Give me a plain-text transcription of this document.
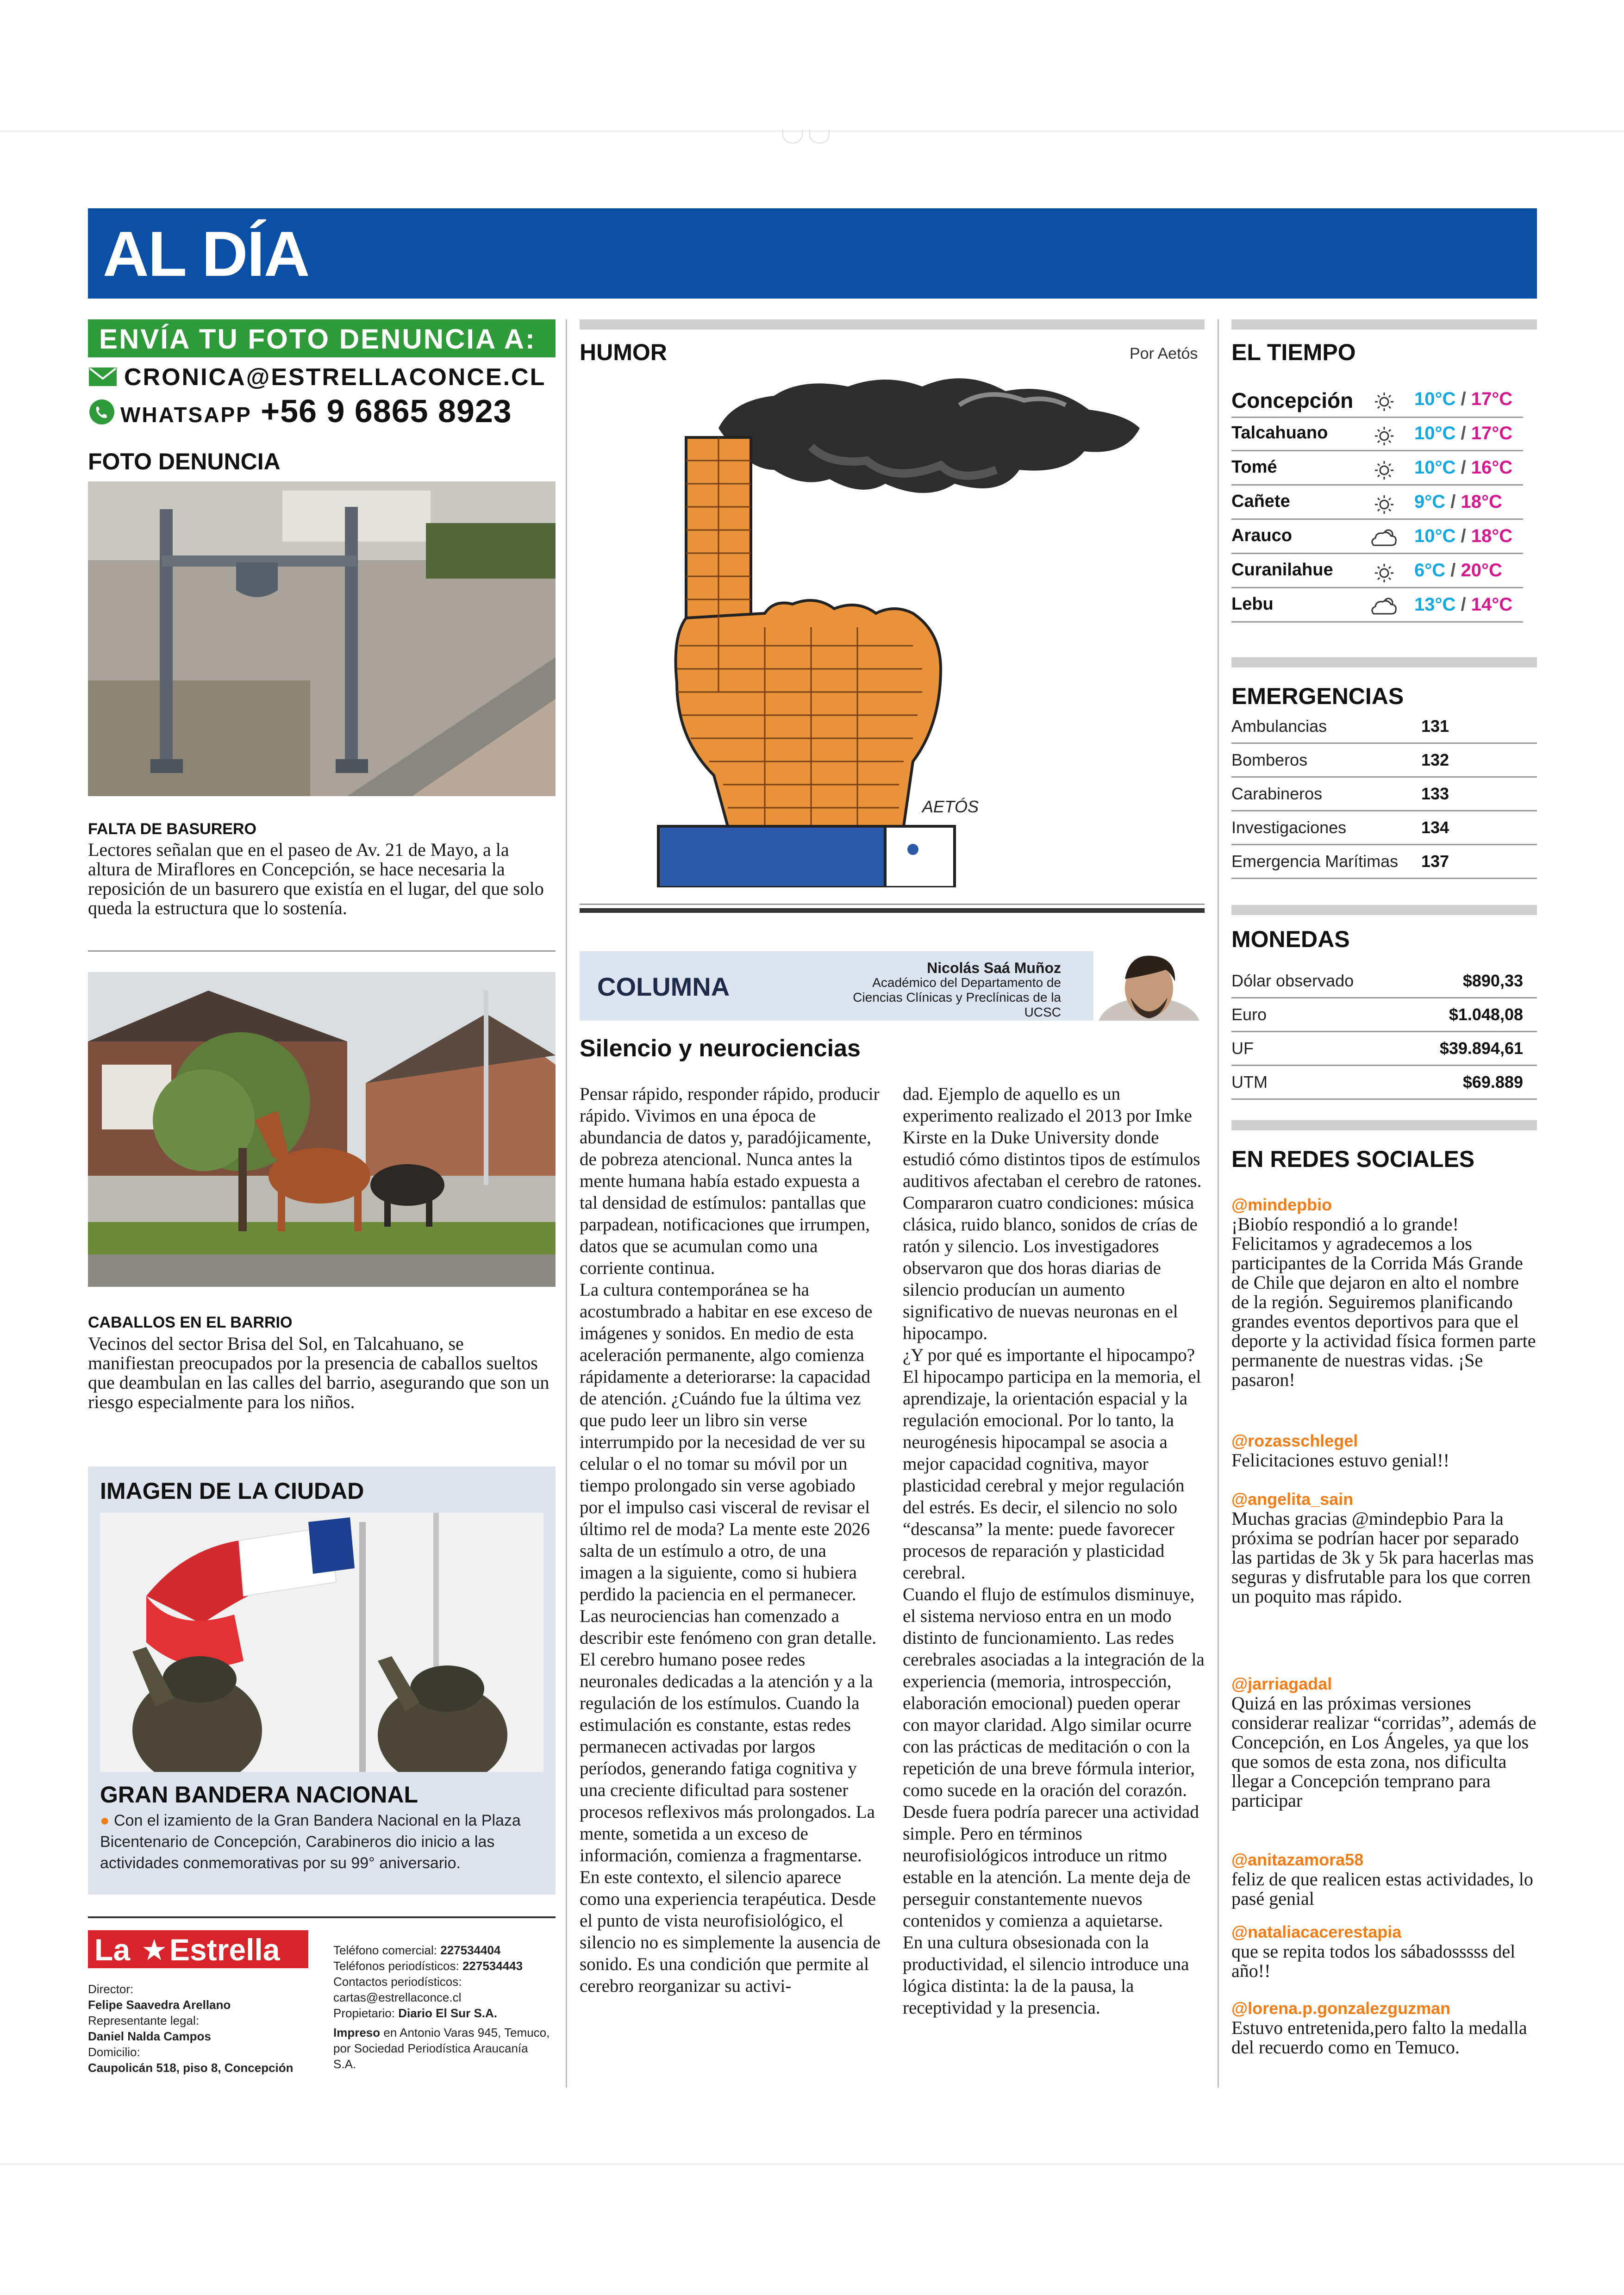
AL DÍA
ENVÍA TU FOTO DENUNCIA A:
CRONICA@ESTRELLACONCE.CL
WHATSAPP +56 9 6865 8923
FOTO DENUNCIA
FALTA DE BASURERO
Lectores señalan que en el paseo de Av. 21 de Mayo, a la altura de Miraflores en Concepción, se hace necesaria la reposición de un basurero que existía en el lugar, del que solo queda la estructura que lo sostenía.
CABALLOS EN EL BARRIO
Vecinos del sector Brisa del Sol, en Talcahuano, se manifiestan preocupados por la presencia de caballos sueltos que deambulan en las calles del barrio, asegurando que son un riesgo especialmente para los niños.
IMAGEN DE LA CIUDAD
GRAN BANDERA NACIONAL
● Con el izamiento de la Gran Bandera Nacional en la Plaza Bicentenario de Concepción, Carabineros dio inicio a las actividades conmemorativas por su 99° aniversario.
La ★ Estrella
Director:
Felipe Saavedra Arellano
Representante legal:
Daniel Nalda Campos
Domicilio:
Caupolicán 518, piso 8, Concepción
Teléfono comercial: 227534404
Teléfonos periodísticos: 227534443
Contactos periodísticos:
cartas@estrellaconce.cl
Propietario: Diario El Sur S.A.
Impreso en Antonio Varas 945, Temuco, por Sociedad Periodística Araucanía S.A.
HUMOR	Por Aetós
AETÓS
COLUMNA
Nicolás Saá Muñoz
Académico del Departamento de Ciencias Clínicas y Preclínicas de la UCSC
Silencio y neurociencias

Pensar rápido, responder rápido, producir rápido. Vivimos en una época de abundancia de datos y, paradójicamente, de pobreza atencional. Nunca antes la mente humana había estado expuesta a tal densidad de estímulos: pantallas que parpadean, notificaciones que irrumpen, datos que se acumulan como una corriente continua.

La cultura contemporánea se ha acostumbrado a habitar en ese exceso de imágenes y sonidos. En medio de esta aceleración permanente, algo comienza rápidamente a deteriorarse: la capacidad de atención. ¿Cuándo fue la última vez que pudo leer un libro sin verse interrumpido por la necesidad de ver su celular o el no tomar su móvil por un tiempo prolongado sin verse agobiado por el impulso casi visceral de revisar el último rel de moda? La mente este 2026 salta de un estímulo a otro, de una imagen a la siguiente, como si hubiera perdido la paciencia en el permanecer.

Las neurociencias han comenzado a describir este fenómeno con gran detalle. El cerebro humano posee redes neuronales dedicadas a la atención y a la regulación de los estímulos. Cuando la estimulación es constante, estas redes permanecen activadas por largos períodos, generando fatiga cognitiva y una creciente dificultad para sostener procesos reflexivos más prolongados. La mente, sometida a un exceso de información, comienza a fragmentarse. En este contexto, el silencio aparece como una experiencia terapéutica. Desde el punto de vista neurofisiológico, el silencio no es simplemente la ausencia de sonido. Es una condición que permite al cerebro reorganizar su activi-

dad. Ejemplo de aquello es un experimento realizado el 2013 por Imke Kirste en la Duke University donde estudió cómo distintos tipos de estímulos auditivos afectaban el cerebro de ratones. Compararon cuatro condiciones: música clásica, ruido blanco, sonidos de crías de ratón y silencio. Los investigadores observaron que dos horas diarias de silencio producían un aumento significativo de nuevas neuronas en el hipocampo.

¿Y por qué es importante el hipocampo? El hipocampo participa en la memoria, el aprendizaje, la orientación espacial y la regulación emocional. Por lo tanto, la neurogénesis hipocampal se asocia a mejor capacidad cognitiva, mayor plasticidad cerebral y mejor regulación del estrés. Es decir, el silencio no solo “descansa” la mente: puede favorecer procesos de reparación y plasticidad cerebral.

Cuando el flujo de estímulos disminuye, el sistema nervioso entra en un modo distinto de funcionamiento. Las redes cerebrales asociadas a la integración de la experiencia (memoria, introspección, elaboración emocional) pueden operar con mayor claridad. Algo similar ocurre con las prácticas de meditación o con la repetición de una breve fórmula interior, como sucede en la oración del corazón. Desde fuera podría parecer una actividad simple. Pero en términos neurofisiológicos introduce un ritmo estable en la atención. La mente deja de perseguir constantemente nuevos contenidos y comienza a aquietarse.

En una cultura obsesionada con la productividad, el silencio introduce una lógica distinta: la de la pausa, la receptividad y la presencia.

EL TIEMPO
Concepción	10°C / 17°C
Talcahuano	10°C / 17°C
Tomé	10°C / 16°C
Cañete	9°C / 18°C
Arauco	10°C / 18°C
Curanilahue	6°C / 20°C
Lebu	13°C / 14°C
EMERGENCIAS
Ambulancias	131
Bomberos	132
Carabineros	133
Investigaciones	134
Emergencia Marítimas 137
MONEDAS
Dólar observado	$890,33
Euro	$1.048,08
UF	$39.894,61
UTM	$69.889
EN REDES SOCIALES
@mindepbio
¡Biobío respondió a lo grande! Felicitamos y agradecemos a los participantes de la Corrida Más Grande de Chile que dejaron en alto el nombre de la región. Seguiremos planificando grandes eventos deportivos para que el deporte y la actividad física formen parte permanente de nuestras vidas. ¡Se pasaron!
@rozasschlegel
Felicitaciones estuvo genial!!
@angelita_sain
Muchas gracias @mindepbio Para la próxima se podrían hacer por separado las partidas de 3k y 5k para hacerlas mas seguras y disfrutable para los que corren un poquito mas rápido.
@jarriagadal
Quizá en las próximas versiones considerar realizar “corridas”, además de Concepción, en Los Ángeles, ya que los que somos de esta zona, nos dificulta llegar a Concepción temprano para participar
@anitazamora58
feliz de que realicen estas actividades, lo pasé genial
@nataliacacerestapia
que se repita todos los sábadosssss del año!!
@lorena.p.gonzalezguzman
Estuvo entretenida,pero falto la medalla del recuerdo como en Temuco.
